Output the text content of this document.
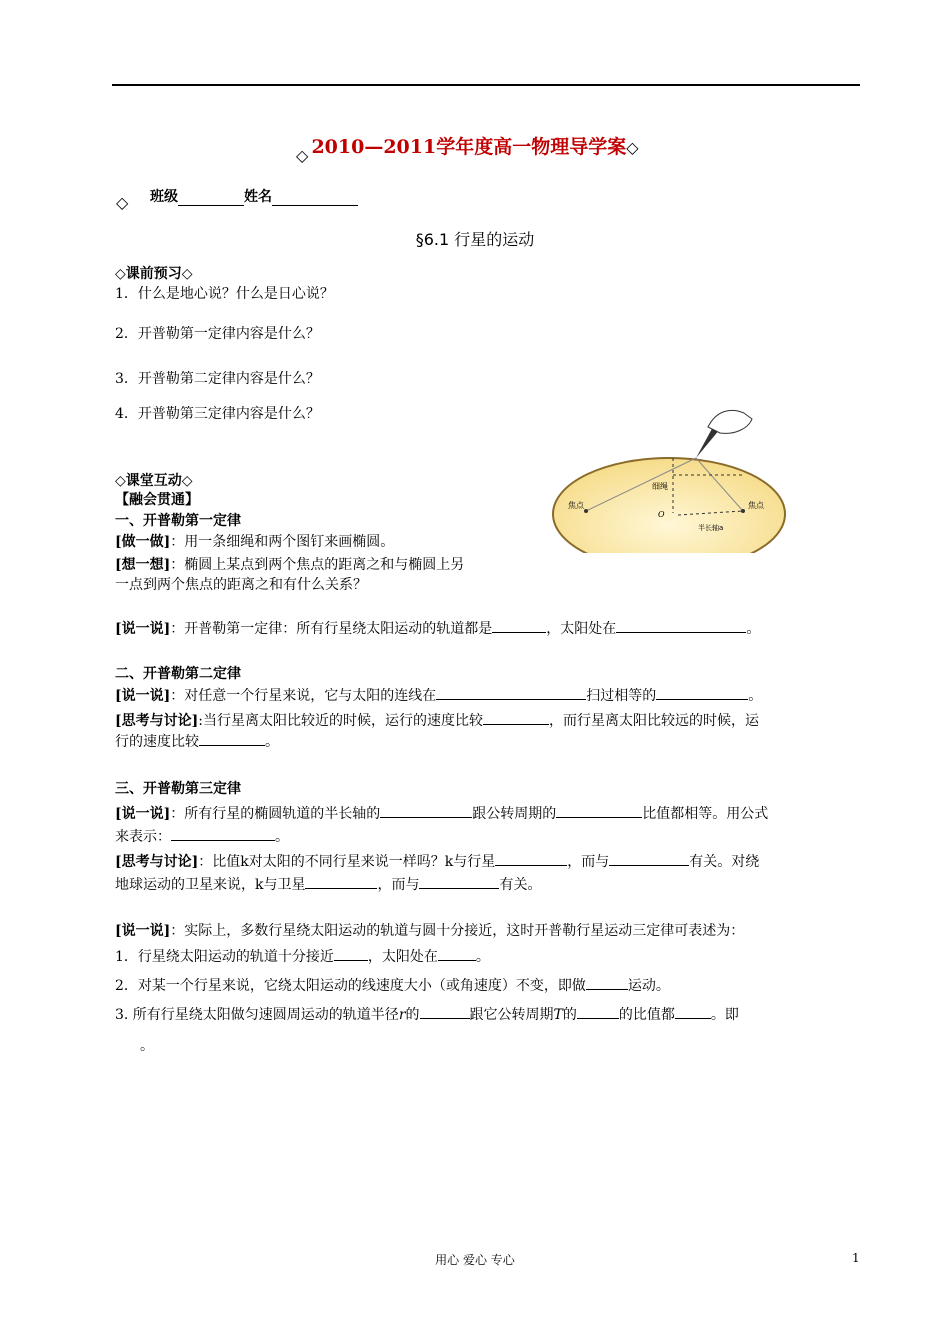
◇ 2010—2011学年度高一物理导学案◇
◇ 班级	姓名
§6.1 行星的运动
◇课前预习◇
1．什么是地心说？什么是日心说？
2．开普勒第一定律内容是什么？
3．开普勒第二定律内容是什么？
4．开普勒第三定律内容是什么？
细绳
焦点	焦点
O
半长轴a
◇课堂互动◇
【融会贯通】
一、开普勒第一定律
[做一做]：用一条细绳和两个图钉来画椭圆。
[想一想]：椭圆上某点到两个焦点的距离之和与椭圆上另
一点到两个焦点的距离之和有什么关系？
[说一说]：开普勒第一定律：所有行星绕太阳运动的轨道都是	，太阳处在	。
二、开普勒第二定律
[说一说]：对任意一个行星来说，它与太阳的连线在	扫过相等的	。
[思考与讨论]:当行星离太阳比较近的时候，运行的速度比较	，而行星离太阳比较远的时候，运
行的速度比较	。
三、开普勒第三定律
[说一说]：所有行星的椭圆轨道的半长轴的	跟公转周期的	比值都相等。用公式
来表示：	。
[思考与讨论]：比值k对太阳的不同行星来说一样吗？k与行星	，而与	有关。对绕
地球运动的卫星来说，k与卫星	，而与	有关。
[说一说]：实际上，多数行星绕太阳运动的轨道与圆十分接近，这时开普勒行星运动三定律可表述为：
1．行星绕太阳运动的轨道十分接近 ，太阳处在	。
2．对某一个行星来说，它绕太阳运动的线速度大小（或角速度）不变，即做	运动。
3. 所有行星绕太阳做匀速圆周运动的轨道半径r的	跟它公转周期T的	的比值都	。即
。
用心 爱心 专心	1
